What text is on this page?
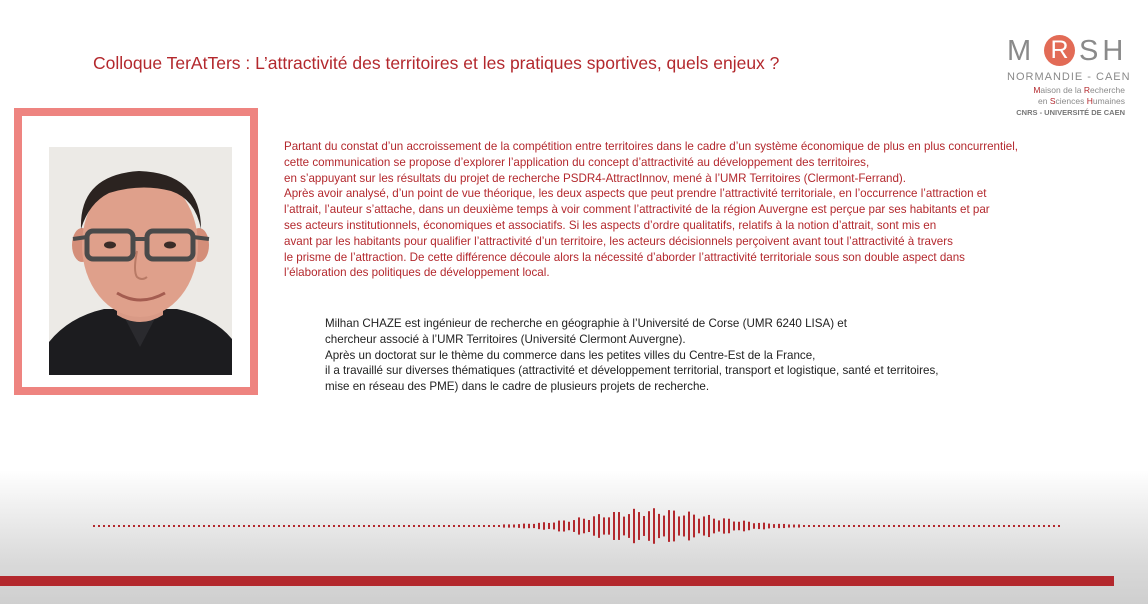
Colloque TerAtTers : L’attractivité des territoires et les pratiques sportives, quels enjeux ?	M R SH
NORMANDIE - CAEN
Maison de la Recherche
en Sciences Humaines
CNRS - UNIVERSITÉ DE CAEN
Partant du constat d’un accroissement de la compétition entre territoires dans le cadre d’un système économique de plus en plus concurrentiel,
cette communication se propose d’explorer l’application du concept d’attractivité au développement des territoires,
en s’appuyant sur les résultats du projet de recherche PSDR4-AttractInnov, mené à l’UMR Territoires (Clermont-Ferrand).
Après avoir analysé, d’un point de vue théorique, les deux aspects que peut prendre l’attractivité territoriale, en l’occurrence l’attraction et
l’attrait, l’auteur s’attache, dans un deuxième temps à voir comment l’attractivité de la région Auvergne est perçue par ses habitants et par
ses acteurs institutionnels, économiques et associatifs. Si les aspects d’ordre qualitatifs, relatifs à la notion d’attrait, sont mis en
avant par les habitants pour qualifier l’attractivité d’un territoire, les acteurs décisionnels perçoivent avant tout l’attractivité à travers
le prisme de l’attraction. De cette différence découle alors la nécessité d’aborder l’attractivité territoriale sous son double aspect dans
l’élaboration des politiques de développement local.
Milhan CHAZE est ingénieur de recherche en géographie à l’Université de Corse (UMR 6240 LISA) et
chercheur associé à l’UMR Territoires (Université Clermont Auvergne).
Après un doctorat sur le thème du commerce dans les petites villes du Centre-Est de la France,
il a travaillé sur diverses thématiques (attractivité et développement territorial, transport et logistique, santé et territoires,
mise en réseau des PME) dans le cadre de plusieurs projets de recherche.
